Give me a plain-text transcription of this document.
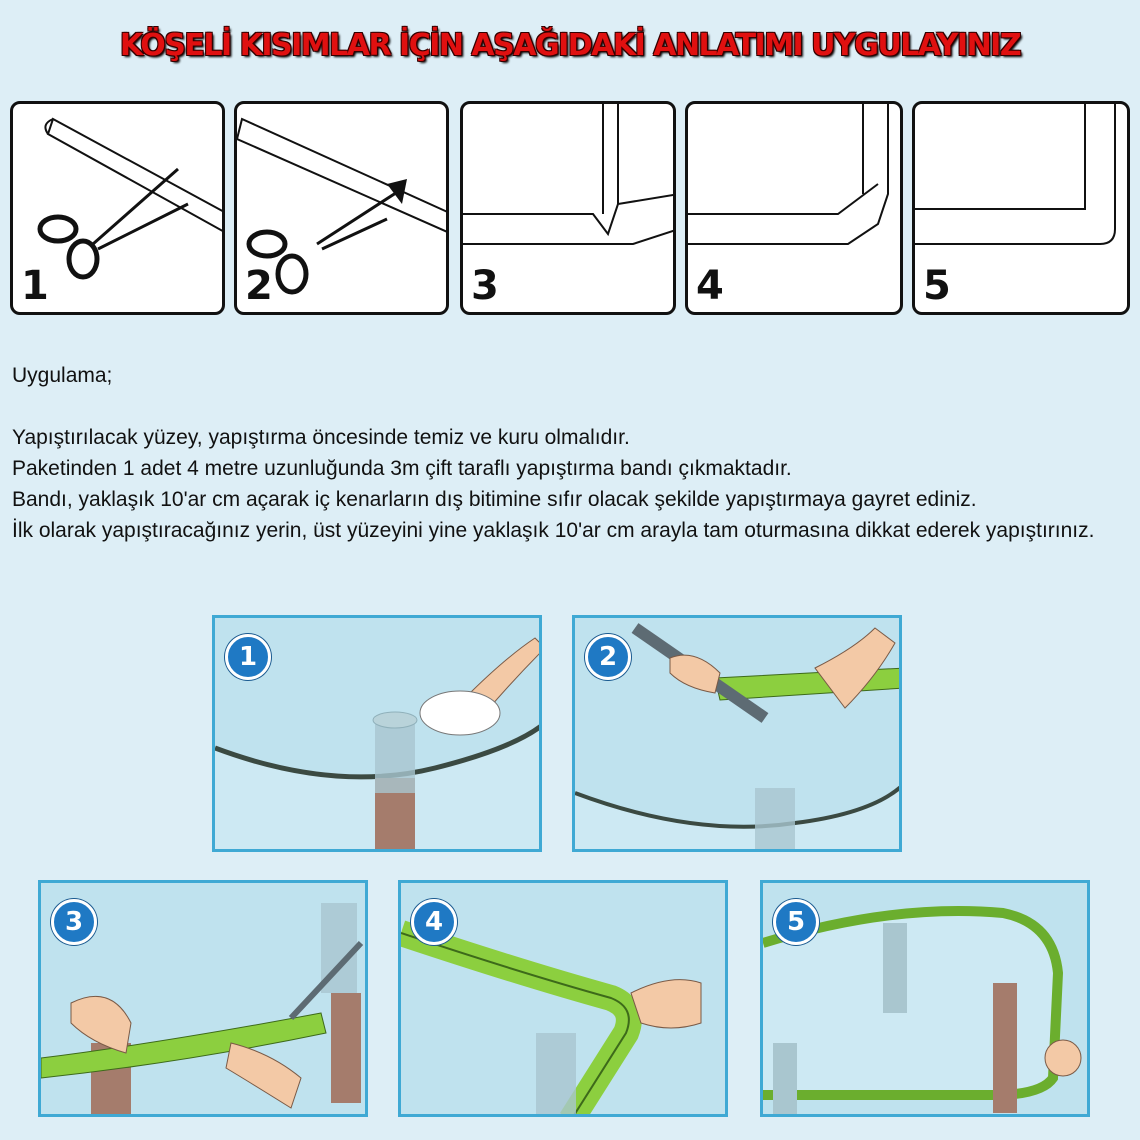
KÖŞELİ KISIMLAR İÇİN AŞAĞIDAKİ ANLATIMI UYGULAYINIZ
1	2	3	4	5

Uygulama;

Yapıştırılacak yüzey, yapıştırma öncesinde temiz ve kuru olmalıdır.

Paketinden 1 adet 4 metre uzunluğunda 3m çift taraflı yapıştırma bandı çıkmaktadır.

Bandı, yaklaşık 10'ar cm açarak iç kenarların dış bitimine sıfır olacak şekilde yapıştırmaya gayret ediniz.

İlk olarak yapıştıracağınız yerin, üst yüzeyini yine yaklaşık 10'ar cm arayla tam oturmasına dikkat ederek yapıştırınız.

1	2
3	4	5
